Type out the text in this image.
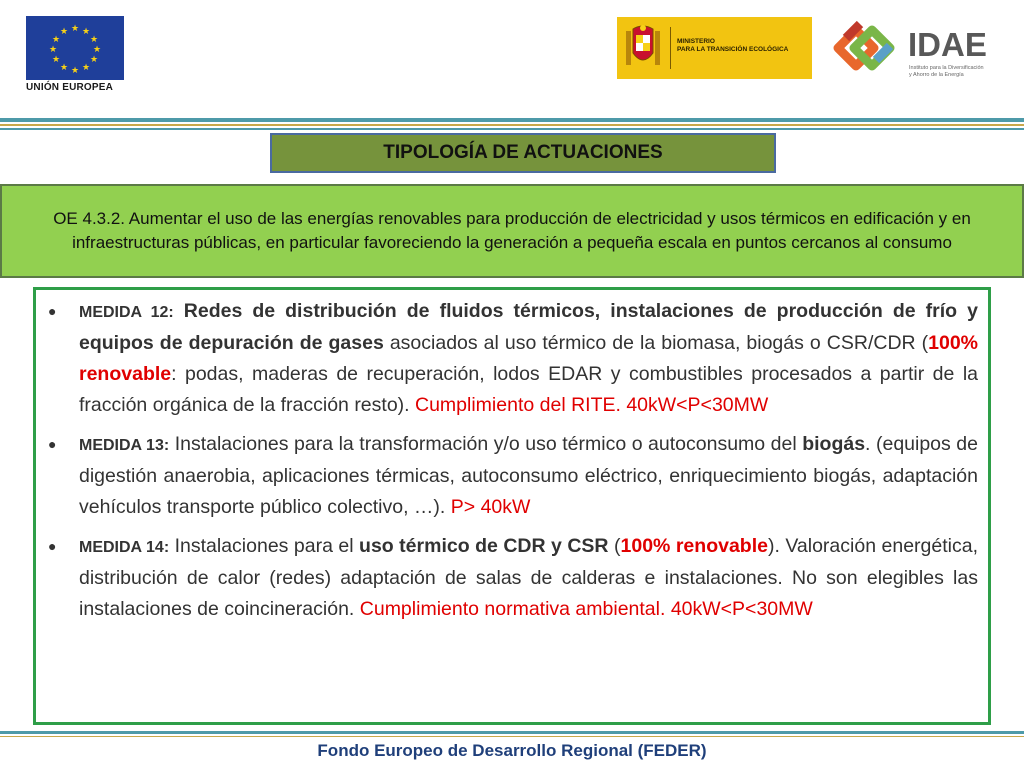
★ ★
★
★
★
★
★
★
★
★
★
★
UNIÓN EUROPEA
MINISTERIO
PARA LA TRANSICIÓN ECOLÓGICA	IDAE
Instituto para la Diversificación
y Ahorro de la Energía
TIPOLOGÍA DE ACTUACIONES

OE 4.3.2. Aumentar el uso de las energías renovables para producción de electricidad y usos térmicos en edificación y en infraestructuras públicas, en particular favoreciendo la generación a pequeña escala en puntos cercanos al consumo

● MEDIDA 12: Redes de distribución de fluidos térmicos, instalaciones de producción de frío y equipos de depuración de gases asociados al uso térmico de la biomasa, biogás o CSR/CDR (100% renovable: podas, maderas de recuperación, lodos EDAR y combustibles procesados a partir de la fracción orgánica de la fracción resto). Cumplimiento del RITE. 40kW<P<30MW
● MEDIDA 13: Instalaciones para la transformación y/o uso térmico o autoconsumo del biogás. (equipos de digestión anaerobia, aplicaciones térmicas, autoconsumo eléctrico, enriquecimiento biogás, adaptación vehículos transporte público colectivo, …). P> 40kW
● MEDIDA 14: Instalaciones para el uso térmico de CDR y CSR (100% renovable). Valoración energética, distribución de calor (redes) adaptación de salas de calderas e instalaciones. No son elegibles las instalaciones de coincineración. Cumplimiento normativa ambiental. 40kW<P<30MW
Fondo Europeo de Desarrollo Regional (FEDER)
